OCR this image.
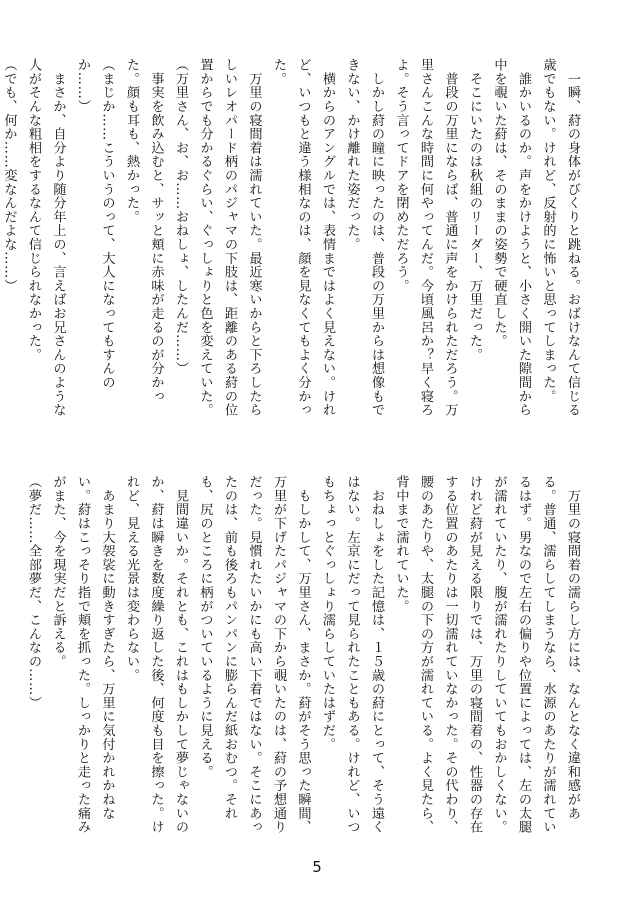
　一瞬、葤の身体がびくりと跳ねる。おばけなんて信じる歳でもない。けれど、反射的に怖いと思ってしまった。

　誰かいるのか。声をかけようと、小さく開いた隙間から中を覗いた葤は、そのままの姿勢で硬直した。

　そこにいたのは秋組のリーダー、万里だった。

　普段の万里にならば、普通に声をかけられただろう。万里さんこんな時間に何やってんだ。今頃風呂か？早く寝ろよ。そう言ってドアを閉めただろう。

　しかし葤の瞳に映ったのは、普段の万里からは想像もできない、かけ離れた姿だった。

　横からのアングルでは、表情まではよく見えない。けれど、いつもと違う様相なのは、顔を見なくてもよく分かった。

　万里の寝間着は濡れていた。最近寒いからと下ろしたらしいレオパード柄のパジャマの下肢は、距離のある葤の位置からでも分かるぐらい、ぐっしょりと色を変えていた。

（万里さん、お、お……おねしょ、したんだ……）

　事実を飲み込むと、サッと頬に赤味が走るのが分かった。顔も耳も、熱かった。

（まじか……こういうのって、大人になってもすんのか……）

　まさか、自分より随分年上の、言えばお兄さんのような人がそんな粗相をするなんて信じられなかった。

（でも、何か……変なんだよな……）

　万里の寝間着の濡らし方には、なんとなく違和感がある。普通、濡らしてしまうなら、水源のあたりが濡れているはず。男なので左右の偏りや位置によっては、左の太腿が濡れていたり、腹が濡れたりしていてもおかしくない。けれど葤が見える限りでは、万里の寝間着の、性器の存在する位置のあたりは一切濡れていなかった。その代わり、腰のあたりや、太腿の下の方が濡れている。よく見たら、背中まで濡れていた。

　おねしょをした記憶は、１５歳の葤にとって、そう遠くはない。左京にだって見られたこともある。けれど、いつもちょっとぐっしょり濡らしていたはずだ。

　もしかして、万里さん、まさか。葤がそう思った瞬間、万里が下げたパジャマの下から覗いたのは、葤の予想通りだった。見慣れたいかにも高い下着ではない。そこにあったのは、前も後ろもパンパンに膨らんだ紙おむつ。それも、尻のところに柄がついているように見える。

　見間違いか。それとも、これはもしかして夢じゃないのか、葤は瞬きを数度繰り返した後、何度も目を擦った。けれど、見える光景は変わらない。

　あまり大袈裟に動きすぎたら、万里に気付かれかねない。葤はこっそり指で頬を抓った。しっかりと走った痛みがまた、今を現実だと訴える。

（夢だ……全部夢だ、こんなの……）

5
